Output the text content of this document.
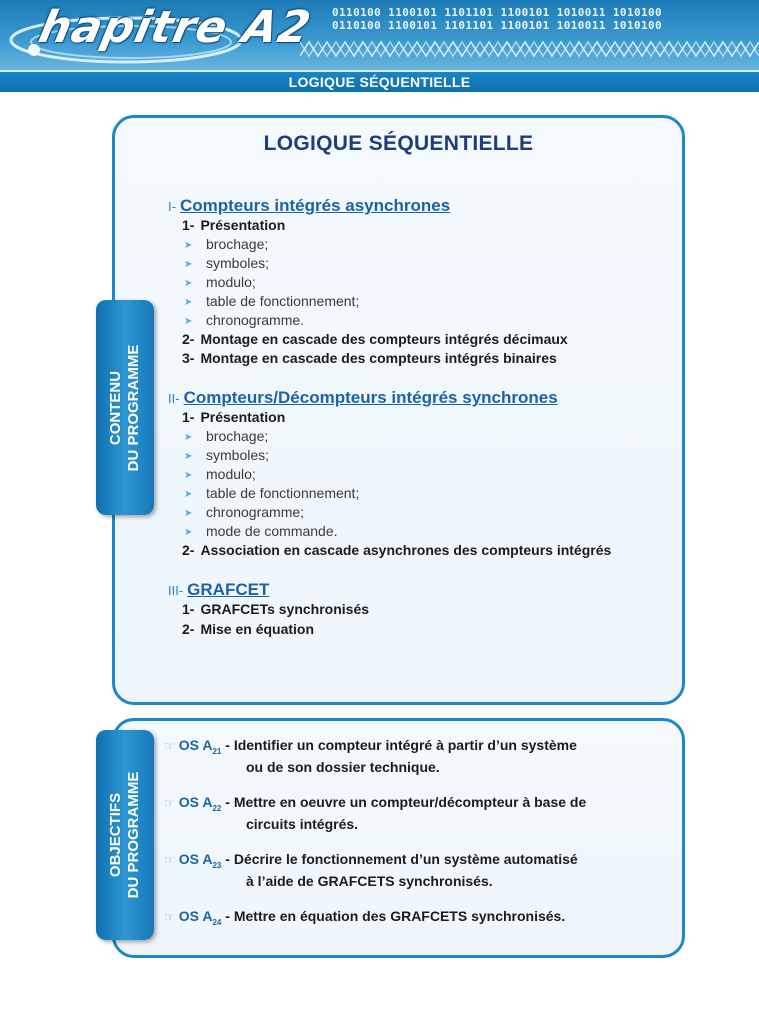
hapitre A2 0110100 1100101 1101101 1100101 1010011 1010100
0110100 1100101 1101101 1100101 1010011 1010100
LOGIQUE SÉQUENTIELLE
CONTENU DU PROGRAMME
LOGIQUE SÉQUENTIELLE
I- Compteurs intégrés asynchrones
1- Présentation
➤ brochage;
➤ symboles;
➤ modulo;
➤ table de fonctionnement;
➤ chronogramme.
2- Montage en cascade des compteurs intégrés décimaux
3- Montage en cascade des compteurs intégrés binaires
II- Compteurs/Décompteurs intégrés synchrones
1- Présentation
➤ brochage;
➤ symboles;
➤ modulo;
➤ table de fonctionnement;
➤ chronogramme;
➤ mode de commande.
2- Association en cascade asynchrones des compteurs intégrés
III- GRAFCET
1- GRAFCETs synchronisés
2- Mise en équation
OBJECTIFS DU PROGRAMME
☞ OS $A_{21}$ - Identifier un compteur intégré à partir d’un système
ou de son dossier technique.
☞ OS $A_{22}$ - Mettre en oeuvre un compteur/décompteur à base de
circuits intégrés.
☞ OS $A_{23}$ - Décrire le fonctionnement d’un système automatisé
à l’aide de GRAFCETS synchronisés.
☞ OS $A_{24}$ - Mettre en équation des GRAFCETS synchronisés.
